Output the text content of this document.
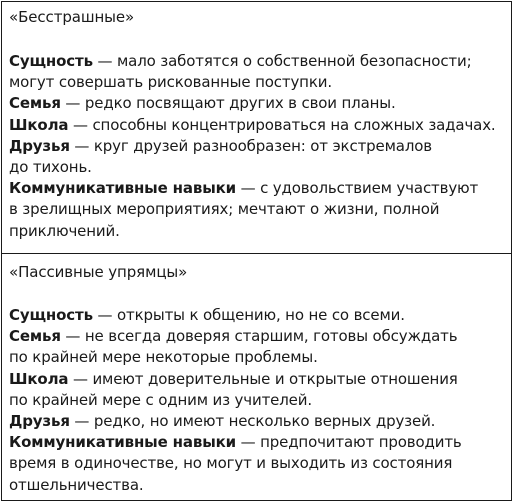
«Бесстрашные»
Сущность — мало заботятся о собственной безопасности;
могут совершать рискованные поступки.
Семья — редко посвящают других в свои планы.
Школа — способны концентрироваться на сложных задачах.
Друзья — круг друзей разнообразен: от экстремалов
до тихонь.
Коммуникативные навыки — с удовольствием участвуют
в зрелищных мероприятиях; мечтают о жизни, полной
приключений.
«Пассивные упрямцы»
Сущность — открыты к общению, но не со всеми.
Семья — не всегда доверяя старшим, готовы обсуждать
по крайней мере некоторые проблемы.
Школа — имеют доверительные и открытые отношения
по крайней мере с одним из учителей.
Друзья — редко, но имеют несколько верных друзей.
Коммуникативные навыки — предпочитают проводить
время в одиночестве, но могут и выходить из состояния
отшельничества.
